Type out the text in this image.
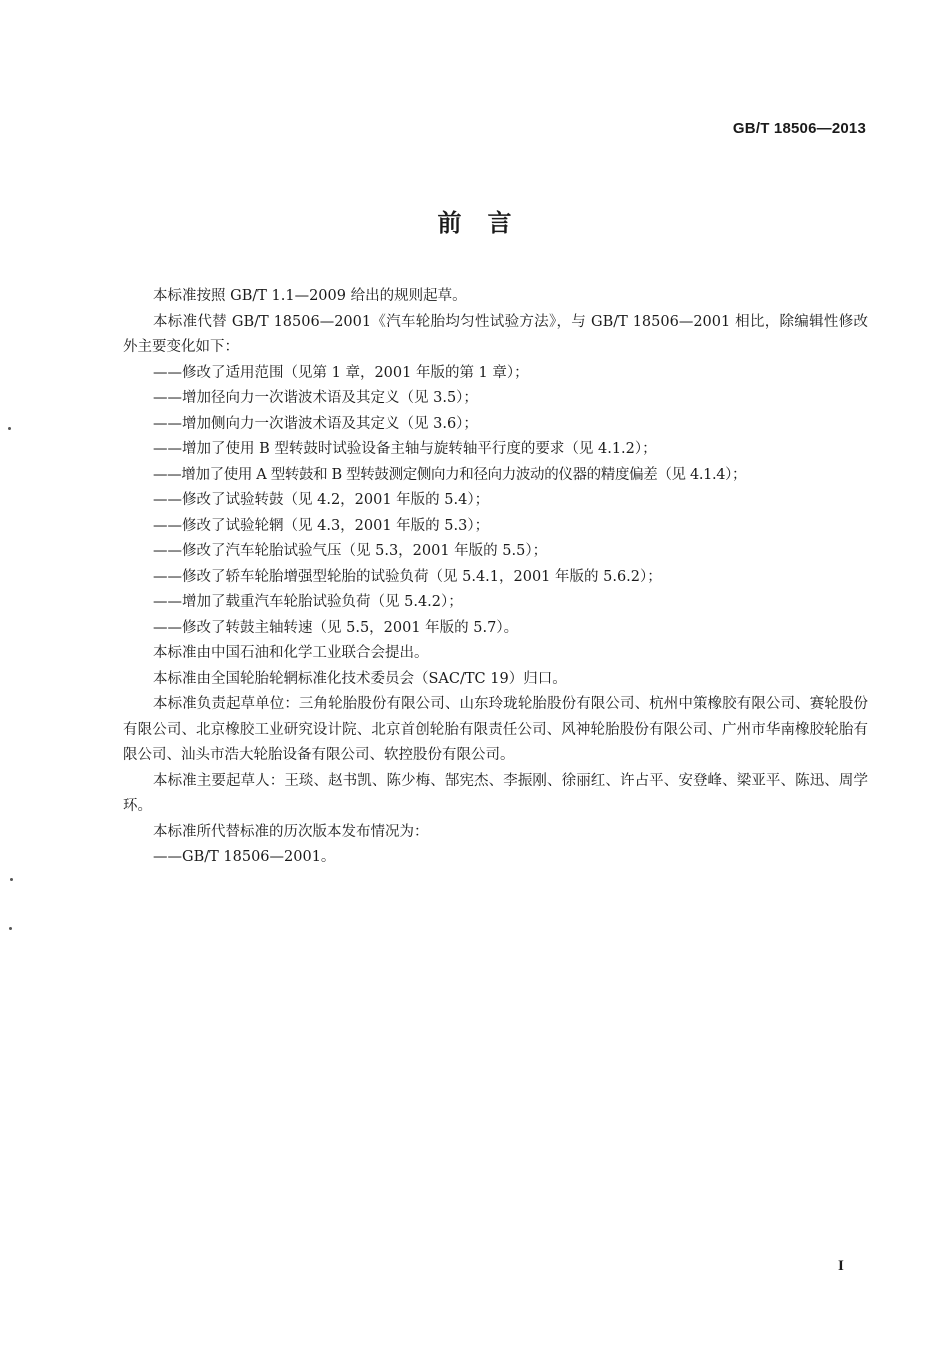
GB/T 18506—2013
前　言
本标准按照 GB/T 1.1—2009 给出的规则起草。
本标准代替 GB/T 18506—2001《汽车轮胎均匀性试验方法》，与 GB/T 18506—2001 相比，除编辑性修改外主要变化如下：
——修改了适用范围（见第 1 章，2001 年版的第 1 章）；
——增加径向力一次谐波术语及其定义（见 3.5）；
——增加侧向力一次谐波术语及其定义（见 3.6）；
——增加了使用 B 型转鼓时试验设备主轴与旋转轴平行度的要求（见 4.1.2）；
——增加了使用 A 型转鼓和 B 型转鼓测定侧向力和径向力波动的仪器的精度偏差（见 4.1.4）；
——修改了试验转鼓（见 4.2，2001 年版的 5.4）；
——修改了试验轮辋（见 4.3，2001 年版的 5.3）；
——修改了汽车轮胎试验气压（见 5.3，2001 年版的 5.5）；
——修改了轿车轮胎增强型轮胎的试验负荷（见 5.4.1，2001 年版的 5.6.2）；
——增加了载重汽车轮胎试验负荷（见 5.4.2）；
——修改了转鼓主轴转速（见 5.5，2001 年版的 5.7）。
本标准由中国石油和化学工业联合会提出。
本标准由全国轮胎轮辋标准化技术委员会（SAC/TC 19）归口。
本标准负责起草单位：三角轮胎股份有限公司、山东玲珑轮胎股份有限公司、杭州中策橡胶有限公司、赛轮股份有限公司、北京橡胶工业研究设计院、北京首创轮胎有限责任公司、风神轮胎股份有限公司、广州市华南橡胶轮胎有限公司、汕头市浩大轮胎设备有限公司、软控股份有限公司。
本标准主要起草人：王琰、赵书凯、陈少梅、郜宪杰、李振刚、徐丽红、许占平、安登峰、梁亚平、陈迅、周学环。
本标准所代替标准的历次版本发布情况为：
——GB/T 18506—2001。
I
